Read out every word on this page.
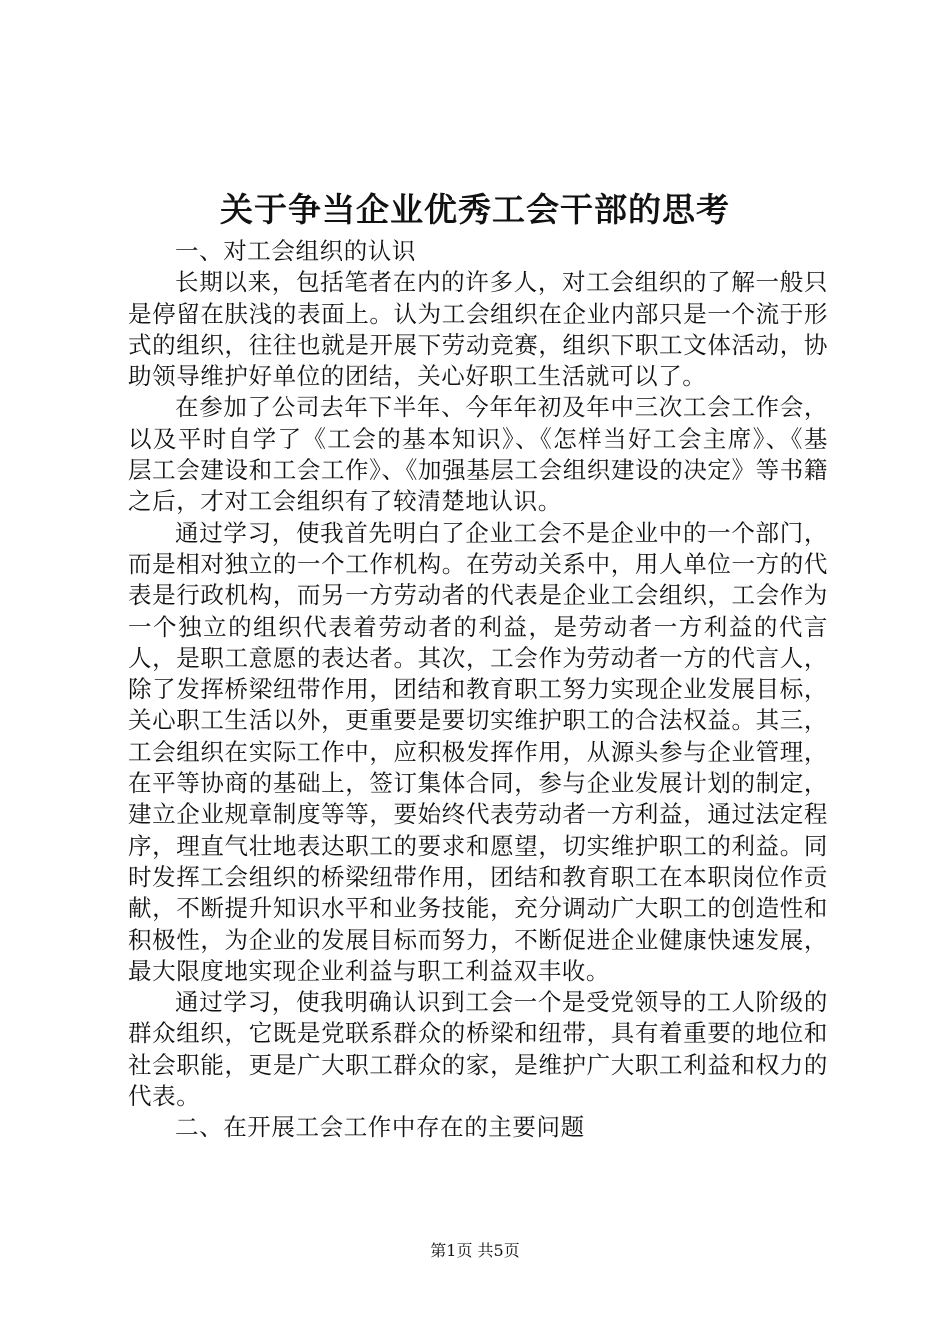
关于争当企业优秀工会干部的思考

一、对工会组织的认识

长期以来，包括笔者在内的许多人，对工会组织的了解一般只是停留在肤浅的表面上。认为工会组织在企业内部只是一个流于形式的组织，往往也就是开展下劳动竞赛，组织下职工文体活动，协助领导维护好单位的团结，关心好职工生活就可以了。

在参加了公司去年下半年、今年年初及年中三次工会工作会，以及平时自学了《工会的基本知识》、《怎样当好工会主席》、《基层工会建设和工会工作》、《加强基层工会组织建设的决定》等书籍之后，才对工会组织有了较清楚地认识。

通过学习，使我首先明白了企业工会不是企业中的一个部门，而是相对独立的一个工作机构。在劳动关系中，用人单位一方的代表是行政机构，而另一方劳动者的代表是企业工会组织，工会作为一个独立的组织代表着劳动者的利益，是劳动者一方利益的代言人，是职工意愿的表达者。其次，工会作为劳动者一方的代言人，除了发挥桥梁纽带作用，团结和教育职工努力实现企业发展目标，关心职工生活以外，更重要是要切实维护职工的合法权益。其三，工会组织在实际工作中，应积极发挥作用，从源头参与企业管理，在平等协商的基础上，签订集体合同，参与企业发展计划的制定，建立企业规章制度等等，要始终代表劳动者一方利益，通过法定程序，理直气壮地表达职工的要求和愿望，切实维护职工的利益。同时发挥工会组织的桥梁纽带作用，团结和教育职工在本职岗位作贡献，不断提升知识水平和业务技能，充分调动广大职工的创造性和积极性，为企业的发展目标而努力，不断促进企业健康快速发展，最大限度地实现企业利益与职工利益双丰收。

通过学习，使我明确认识到工会一个是受党领导的工人阶级的群众组织，它既是党联系群众的桥梁和纽带，具有着重要的地位和社会职能，更是广大职工群众的家，是维护广大职工利益和权力的代表。

二、在开展工会工作中存在的主要问题

第1页 共5页
